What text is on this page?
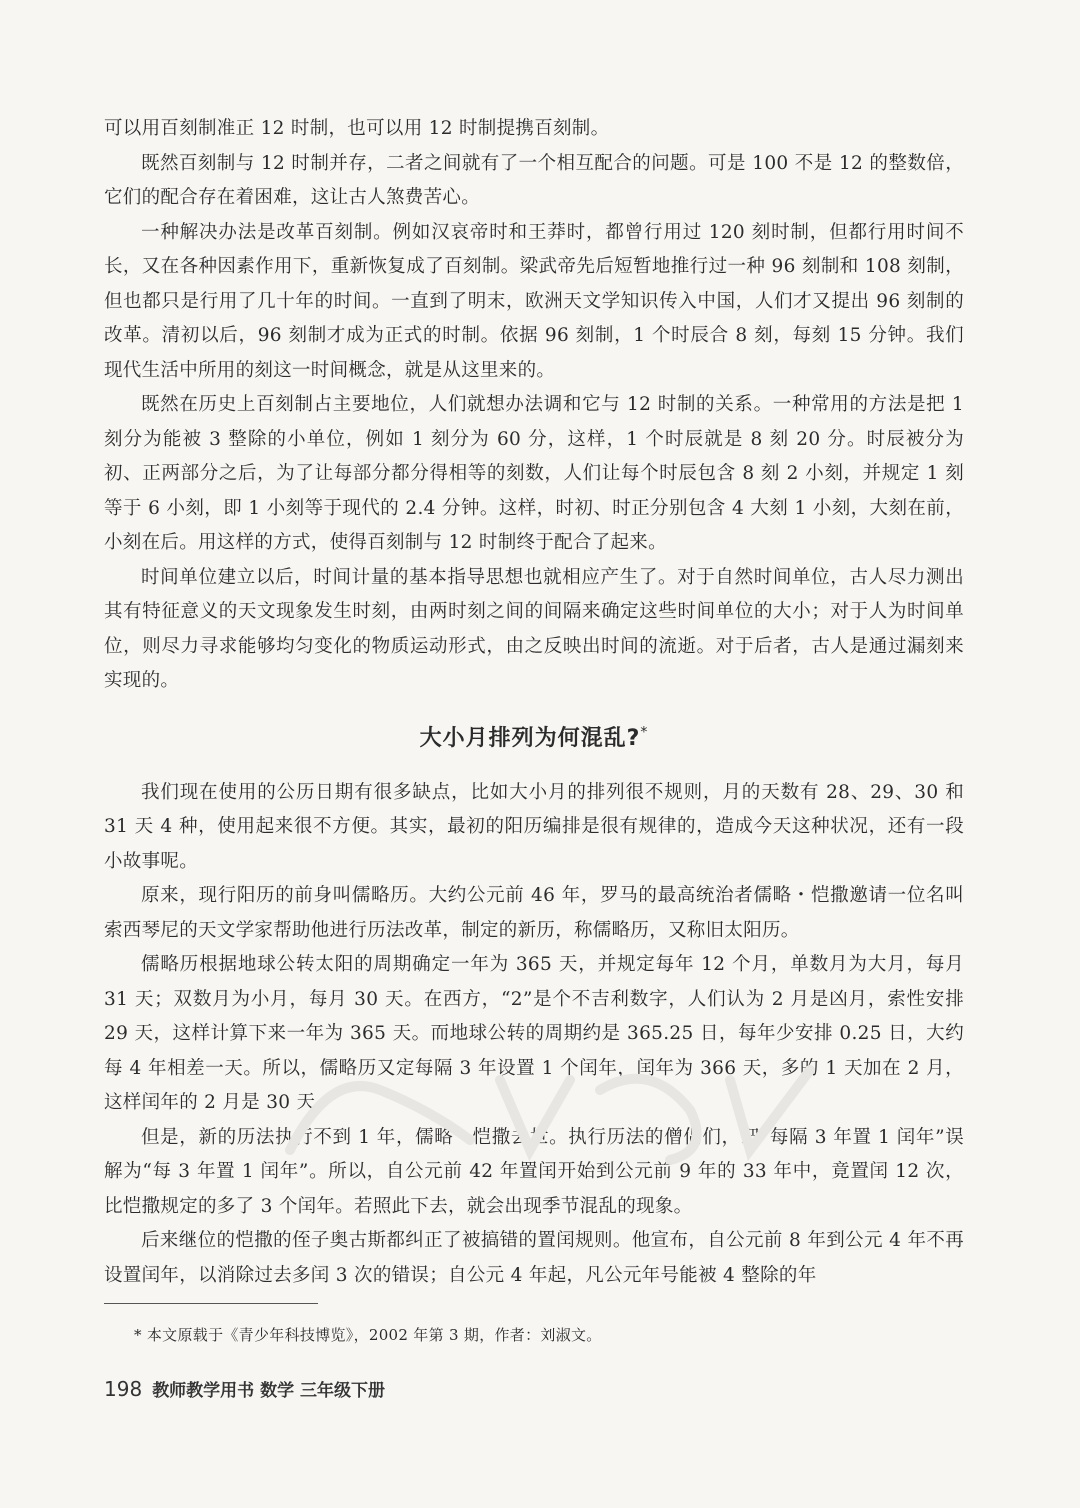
可以用百刻制准正 12 时制，也可以用 12 时制提携百刻制。

既然百刻制与 12 时制并存，二者之间就有了一个相互配合的问题。可是 100 不是 12 的整数倍，它们的配合存在着困难，这让古人煞费苦心。

一种解决办法是改革百刻制。例如汉哀帝时和王莽时，都曾行用过 120 刻时制，但都行用时间不长，又在各种因素作用下，重新恢复成了百刻制。梁武帝先后短暂地推行过一种 96 刻制和 108 刻制，但也都只是行用了几十年的时间。一直到了明末，欧洲天文学知识传入中国，人们才又提出 96 刻制的改革。清初以后，96 刻制才成为正式的时制。依据 96 刻制，1 个时辰合 8 刻，每刻 15 分钟。我们现代生活中所用的刻这一时间概念，就是从这里来的。

既然在历史上百刻制占主要地位，人们就想办法调和它与 12 时制的关系。一种常用的方法是把 1 刻分为能被 3 整除的小单位，例如 1 刻分为 60 分，这样，1 个时辰就是 8 刻 20 分。时辰被分为初、正两部分之后，为了让每部分都分得相等的刻数，人们让每个时辰包含 8 刻 2 小刻，并规定 1 刻等于 6 小刻，即 1 小刻等于现代的 2.4 分钟。这样，时初、时正分别包含 4 大刻 1 小刻，大刻在前，小刻在后。用这样的方式，使得百刻制与 12 时制终于配合了起来。

时间单位建立以后，时间计量的基本指导思想也就相应产生了。对于自然时间单位，古人尽力测出其有特征意义的天文现象发生时刻，由两时刻之间的间隔来确定这些时间单位的大小；对于人为时间单位，则尽力寻求能够均匀变化的物质运动形式，由之反映出时间的流逝。对于后者，古人是通过漏刻来实现的。

大小月排列为何混乱?*

我们现在使用的公历日期有很多缺点，比如大小月的排列很不规则，月的天数有 28、29、30 和 31 天 4 种，使用起来很不方便。其实，最初的阳历编排是很有规律的，造成今天这种状况，还有一段小故事呢。

原来，现行阳历的前身叫儒略历。大约公元前 46 年，罗马的最高统治者儒略・恺撒邀请一位名叫索西琴尼的天文学家帮助他进行历法改革，制定的新历，称儒略历，又称旧太阳历。

儒略历根据地球公转太阳的周期确定一年为 365 天，并规定每年 12 个月，单数月为大月，每月 31 天；双数月为小月，每月 30 天。在西方，“2”是个不吉利数字，人们认为 2 月是凶月，索性安排 29 天，这样计算下来一年为 365 天。而地球公转的周期约是 365.25 日，每年少安排 0.25 日，大约每 4 年相差一天。所以，儒略历又定每隔 3 年设置 1 个闰年，闰年为 366 天，多的 1 天加在 2 月，这样闰年的 2 月是 30 天。

但是，新的历法执行不到 1 年，儒略・恺撒去世。执行历法的僧侣们，把“每隔 3 年置 1 闰年”误解为“每 3 年置 1 闰年”。所以，自公元前 42 年置闰开始到公元前 9 年的 33 年中，竟置闰 12 次，比恺撒规定的多了 3 个闰年。若照此下去，就会出现季节混乱的现象。

后来继位的恺撒的侄子奥古斯都纠正了被搞错的置闰规则。他宣布，自公元前 8 年到公元 4 年不再设置闰年，以消除过去多闰 3 次的错误；自公元 4 年起，凡公元年号能被 4 整除的年

* 本文原载于《青少年科技博览》，2002 年第 3 期，作者：刘淑文。
198 教师教学用书 数学 三年级下册
